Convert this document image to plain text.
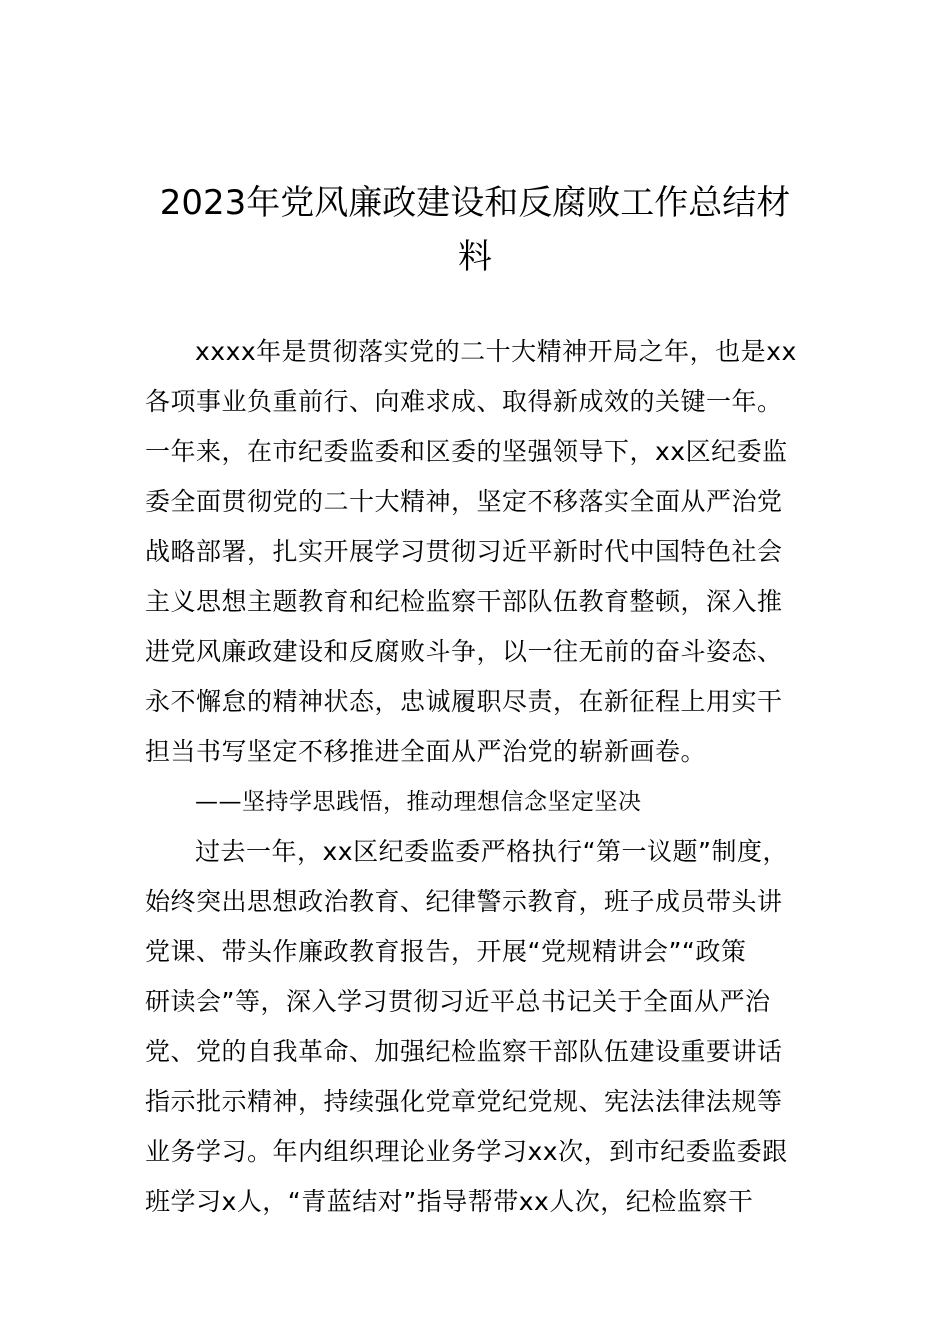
2023年党风廉政建设和反腐败工作总结材
料
xxxx年是贯彻落实党的二十大精神开局之年，也是xx
各项事业负重前行、向难求成、取得新成效的关键一年。
一年来，在市纪委监委和区委的坚强领导下，xx区纪委监
委全面贯彻党的二十大精神，坚定不移落实全面从严治党
战略部署，扎实开展学习贯彻习近平新时代中国特色社会
主义思想主题教育和纪检监察干部队伍教育整顿，深入推
进党风廉政建设和反腐败斗争，以一往无前的奋斗姿态、
永不懈怠的精神状态，忠诚履职尽责，在新征程上用实干
担当书写坚定不移推进全面从严治党的崭新画卷。
——坚持学思践悟，推动理想信念坚定坚决
过去一年，xx区纪委监委严格执行“第一议题”制度，
始终突出思想政治教育、纪律警示教育，班子成员带头讲
党课、带头作廉政教育报告，开展“党规精讲会”“政策
研读会”等，深入学习贯彻习近平总书记关于全面从严治
党、党的自我革命、加强纪检监察干部队伍建设重要讲话
指示批示精神，持续强化党章党纪党规、宪法法律法规等
业务学习。年内组织理论业务学习xx次，到市纪委监委跟
班学习x人，“青蓝结对”指导帮带xx人次，纪检监察干
